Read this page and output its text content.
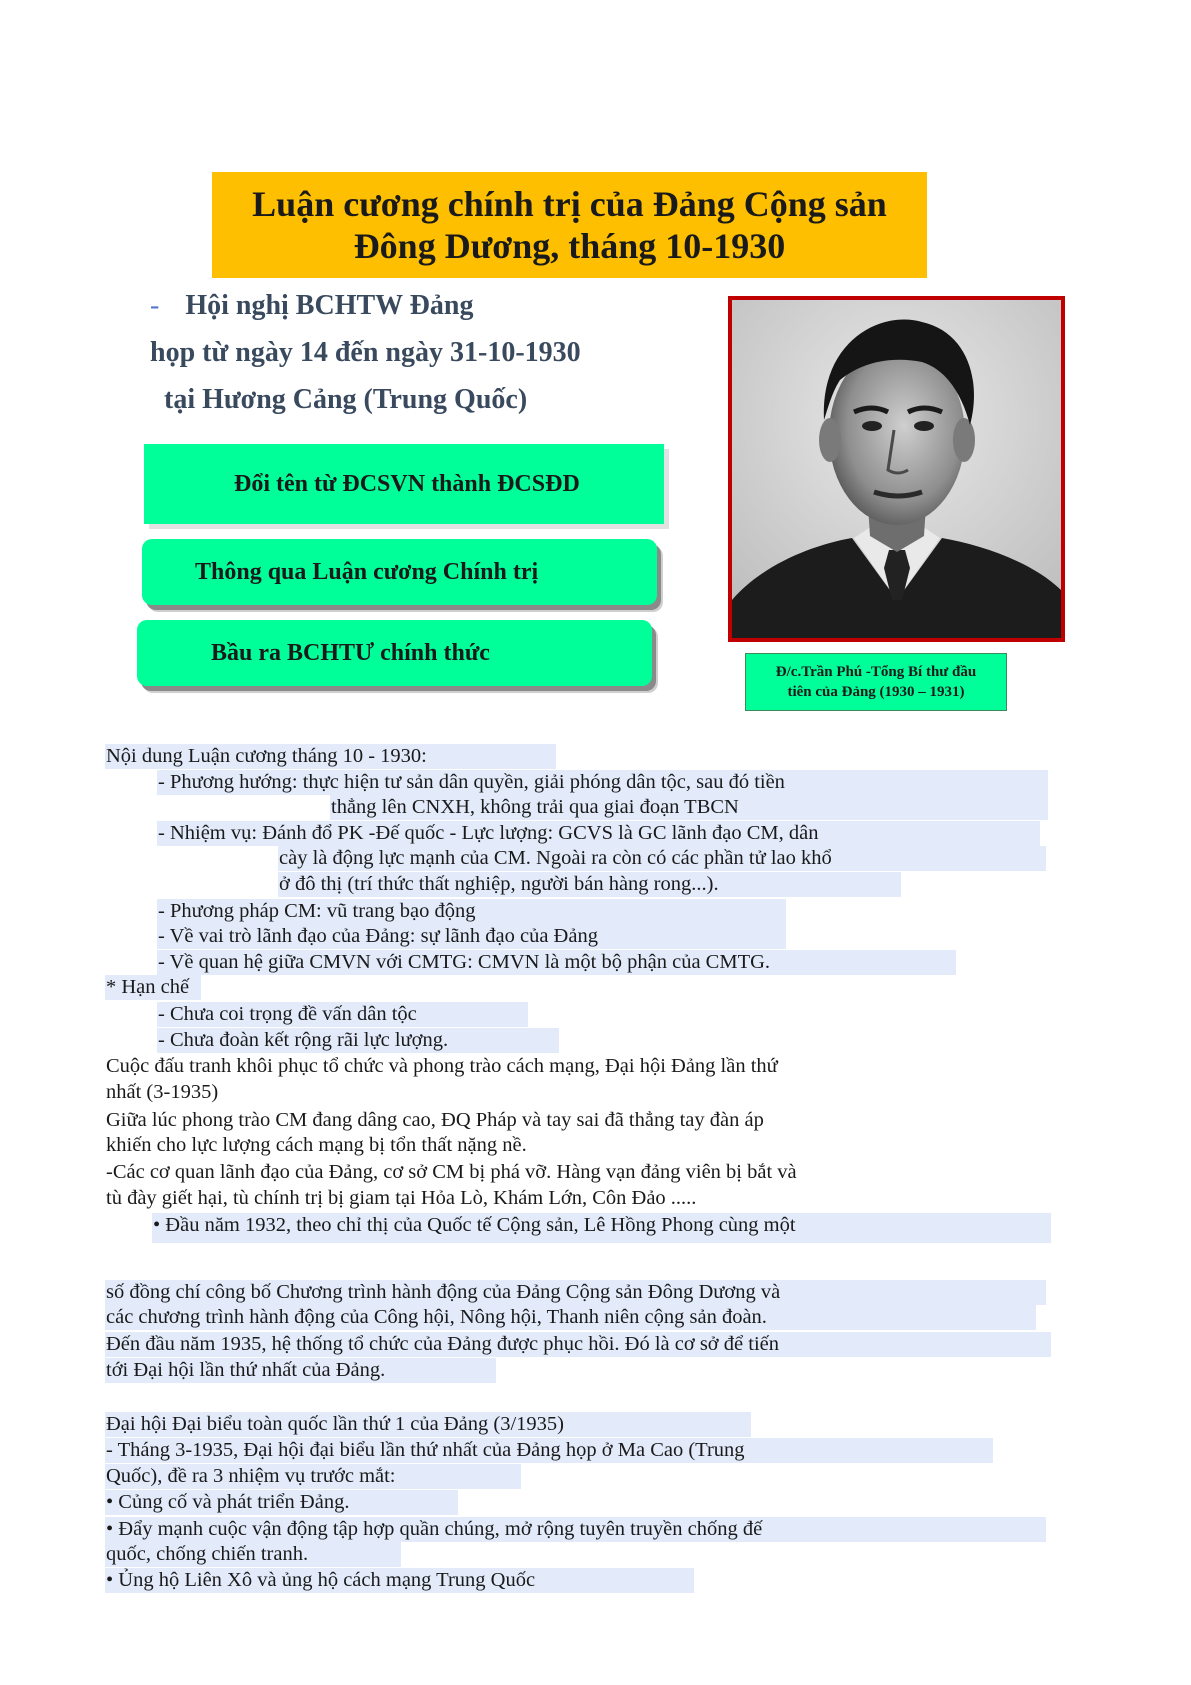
Luận cương chính trị của Đảng Cộng sản
Đông Dương, tháng 10-1930
- Hội nghị BCHTW Đảng
họp từ ngày 14 đến ngày 31-10-1930
tại Hương Cảng (Trung Quốc)
Đổi tên từ ĐCSVN thành ĐCSĐD
Thông qua Luận cương Chính trị
Bầu ra BCHTƯ chính thức
Đ/c.Trần Phú -Tổng Bí thư đầu
tiên của Đảng (1930 – 1931)
Nội dung Luận cương tháng 10 - 1930:
- Phương hướng: thực hiện tư sản dân quyền, giải phóng dân tộc, sau đó tiền
thẳng lên CNXH, không trải qua giai đoạn TBCN
- Nhiệm vụ: Đánh đổ PK -Đế quốc - Lực lượng: GCVS là GC lãnh đạo CM, dân
cày là động lực mạnh của CM. Ngoài ra còn có các phần tử lao khổ
ở đô thị (trí thức thất nghiệp, người bán hàng rong...).
- Phương pháp CM: vũ trang bạo động
- Về vai trò lãnh đạo của Đảng: sự lãnh đạo của Đảng
- Về quan hệ giữa CMVN với CMTG: CMVN là một bộ phận của CMTG.
* Hạn chế
- Chưa coi trọng đề vấn dân tộc
- Chưa đoàn kết rộng rãi lực lượng.
Cuộc đấu tranh khôi phục tổ chức và phong trào cách mạng, Đại hội Đảng lần thứ
nhất (3-1935)
Giữa lúc phong trào CM đang dâng cao, ĐQ Pháp và tay sai đã thẳng tay đàn áp
khiến cho lực lượng cách mạng bị tổn thất nặng nề.
-Các cơ quan lãnh đạo của Đảng, cơ sở CM bị phá vỡ. Hàng vạn đảng viên bị bắt và
tù đày giết hại, tù chính trị bị giam tại Hỏa Lò, Khám Lớn, Côn Đảo .....
• Đầu năm 1932, theo chỉ thị của Quốc tế Cộng sản, Lê Hồng Phong cùng một
số đồng chí công bố Chương trình hành động của Đảng Cộng sản Đông Dương và
các chương trình hành động của Công hội, Nông hội, Thanh niên cộng sản đoàn.
Đến đầu năm 1935, hệ thống tổ chức của Đảng được phục hồi. Đó là cơ sở để tiến
tới Đại hội lần thứ nhất của Đảng.
Đại hội Đại biểu toàn quốc lần thứ 1 của Đảng (3/1935)
- Tháng 3-1935, Đại hội đại biểu lần thứ nhất của Đảng họp ở Ma Cao (Trung
Quốc), đề ra 3 nhiệm vụ trước mắt:
• Củng cố và phát triển Đảng.
• Đẩy mạnh cuộc vận động tập hợp quần chúng, mở rộng tuyên truyền chống đế
quốc, chống chiến tranh.
• Ủng hộ Liên Xô và ủng hộ cách mạng Trung Quốc
